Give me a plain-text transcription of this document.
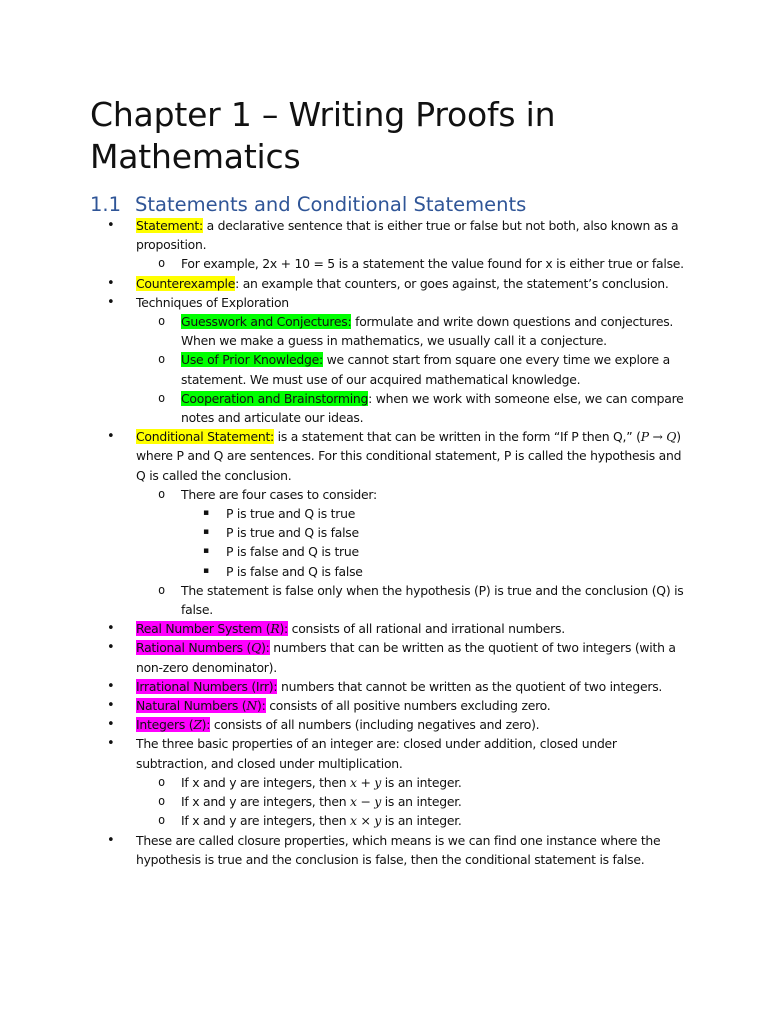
Chapter 1 – Writing Proofs in Mathematics
1.1 Statements and Conditional Statements
• Statement: a declarative sentence that is either true or false but not both, also known as a proposition.
o For example, 2x + 10 = 5 is a statement the value found for x is either true or false.
• Counterexample: an example that counters, or goes against, the statement’s conclusion.
• Techniques of Exploration
o Guesswork and Conjectures: formulate and write down questions and conjectures. When we make a guess in mathematics, we usually call it a conjecture.
o Use of Prior Knowledge: we cannot start from square one every time we explore a statement. We must use of our acquired mathematical knowledge.
o Cooperation and Brainstorming: when we work with someone else, we can compare notes and articulate our ideas.
• Conditional Statement: is a statement that can be written in the form “If P then Q,” (P → Q) where P and Q are sentences. For this conditional statement, P is called the hypothesis and Q is called the conclusion.
o There are four cases to consider:
▪ P is true and Q is true
▪ P is true and Q is false
▪ P is false and Q is true
▪ P is false and Q is false
o The statement is false only when the hypothesis (P) is true and the conclusion (Q) is false.
• Real Number System (R): consists of all rational and irrational numbers.
• Rational Numbers (Q): numbers that can be written as the quotient of two integers (with a non-zero denominator).
• Irrational Numbers (Irr): numbers that cannot be written as the quotient of two integers.
• Natural Numbers (N): consists of all positive numbers excluding zero.
• Integers (Z): consists of all numbers (including negatives and zero).
• The three basic properties of an integer are: closed under addition, closed under subtraction, and closed under multiplication.
o If x and y are integers, then x + y is an integer.
o If x and y are integers, then x − y is an integer.
o If x and y are integers, then x × y is an integer.
• These are called closure properties, which means is we can find one instance where the hypothesis is true and the conclusion is false, then the conditional statement is false.
